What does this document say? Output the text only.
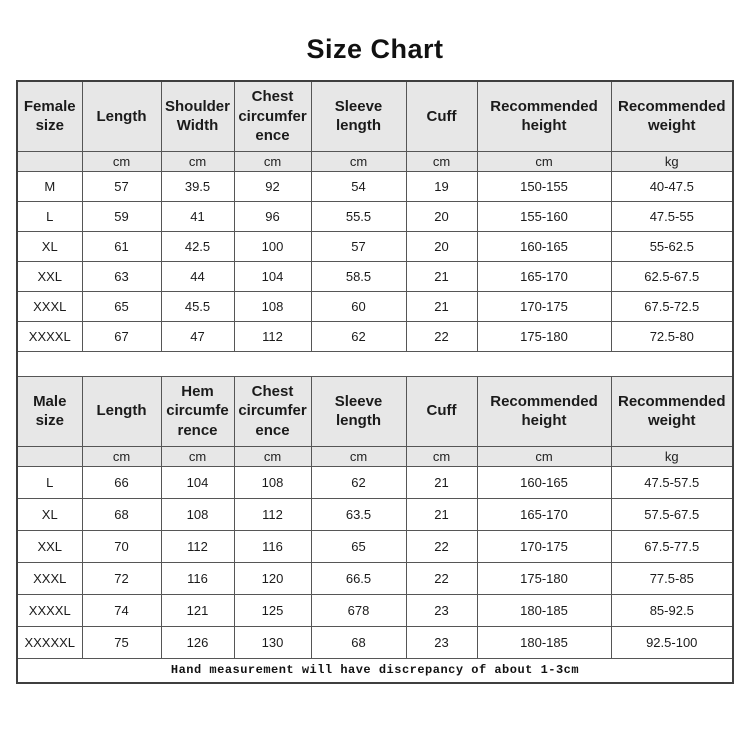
Size Chart
Female size	Length	Shoulder Width	Chest circumference	Sleeve length	Cuff	Recommended height	Recommended weight
	cm	cm	cm	cm	cm	cm	kg
M	57	39.5	92	54	19	150-155	40-47.5
L	59	41	96	55.5	20	155-160	47.5-55
XL	61	42.5	100	57	20	160-165	55-62.5
XXL	63	44	104	58.5	21	165-170	62.5-67.5
XXXL	65	45.5	108	60	21	170-175	67.5-72.5
XXXXL	67	47	112	62	22	175-180	72.5-80

Male size	Length	Hem circumference	Chest circumference	Sleeve length	Cuff	Recommended height	Recommended weight
	cm	cm	cm	cm	cm	cm	kg
L	66	104	108	62	21	160-165	47.5-57.5
XL	68	108	112	63.5	21	165-170	57.5-67.5
XXL	70	112	116	65	22	170-175	67.5-77.5
XXXL	72	116	120	66.5	22	175-180	77.5-85
XXXXL	74	121	125	678	23	180-185	85-92.5
XXXXXL	75	126	130	68	23	180-185	92.5-100
Hand measurement will have discrepancy of about 1-3cm							
